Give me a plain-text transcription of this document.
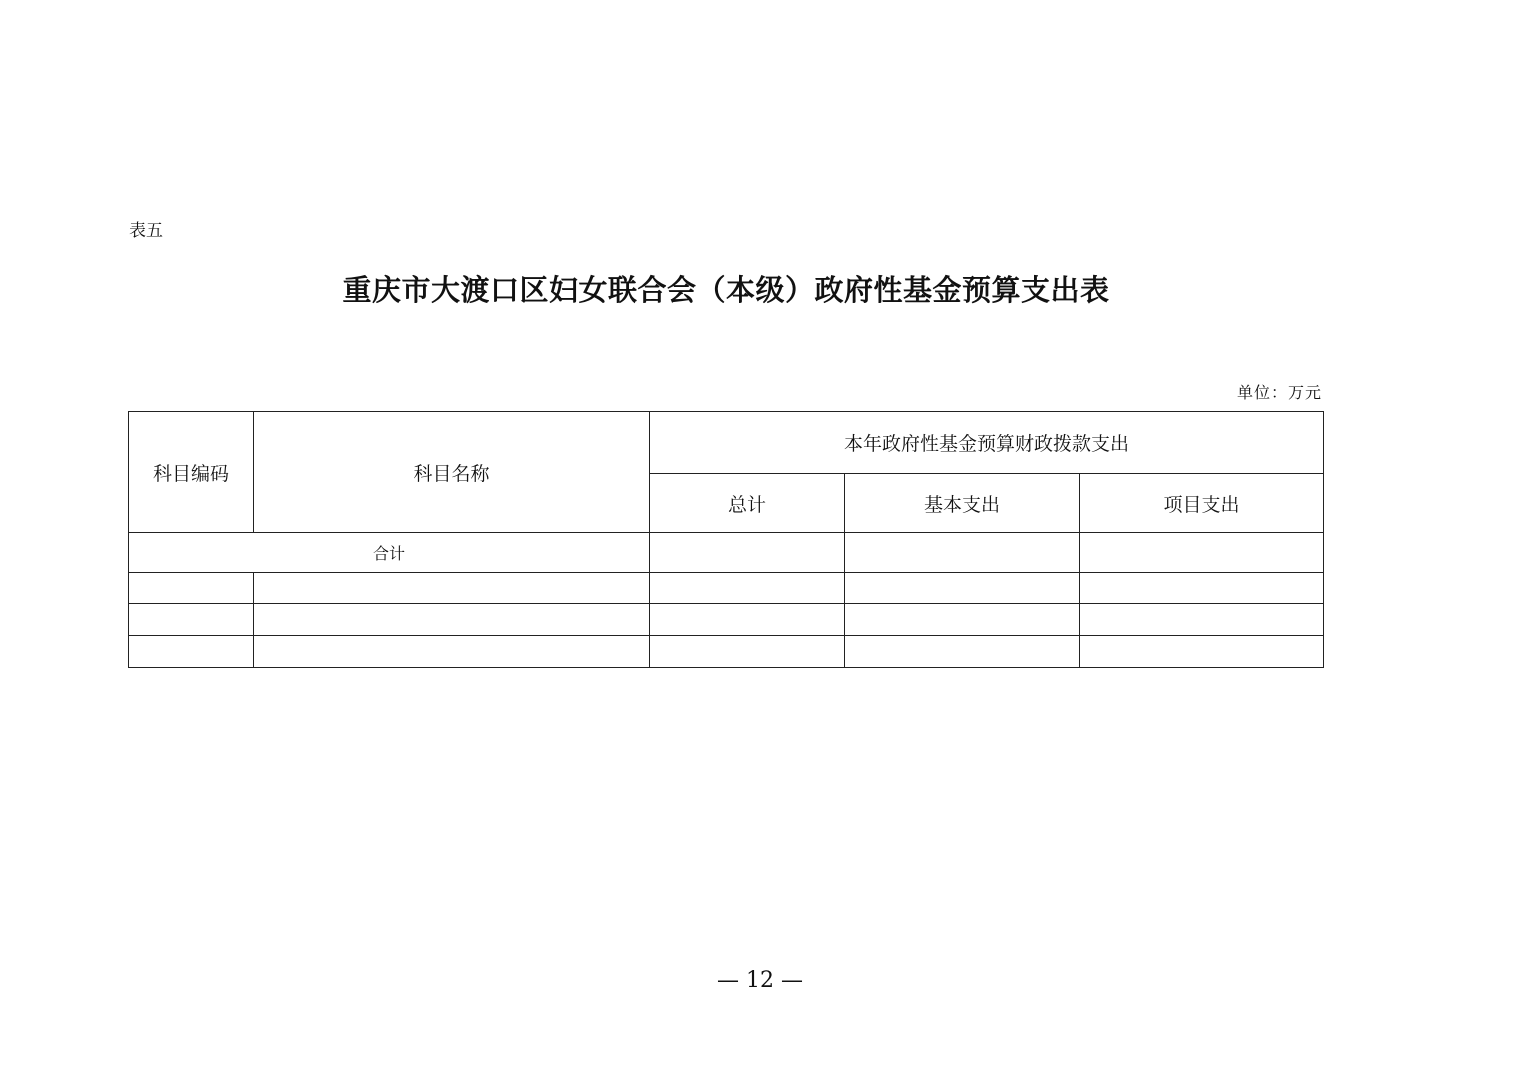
表五
重庆市大渡口区妇女联合会（本级）政府性基金预算支出表
单位：万元
科目编码	科目名称	本年政府性基金预算财政拨款支出		
		总计	基本支出	项目支出
合计				

— 12 —
